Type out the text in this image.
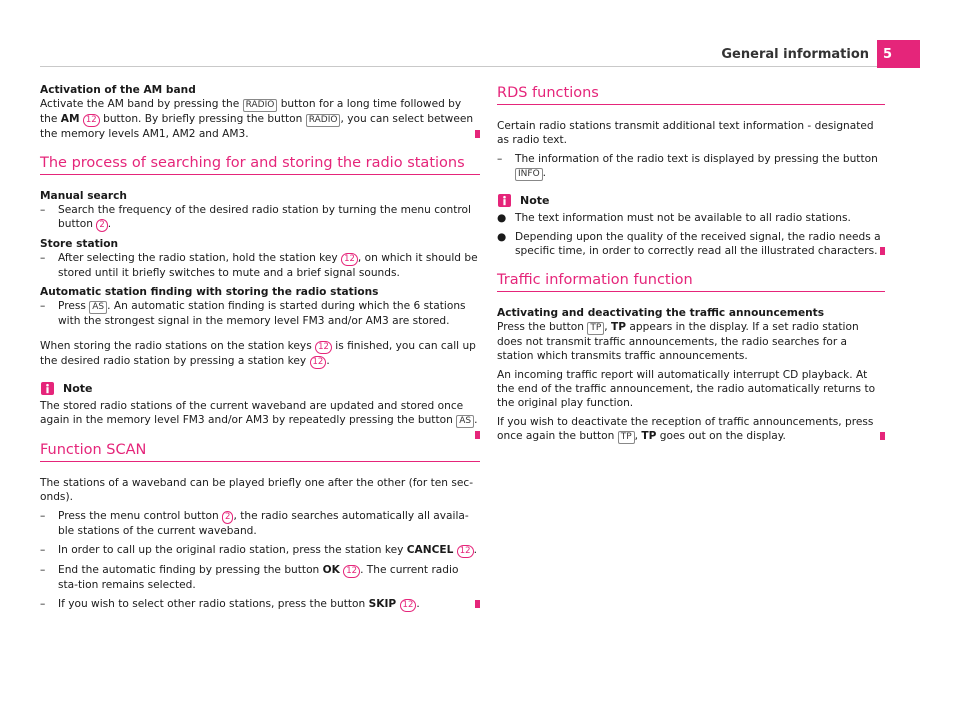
General information	5

Activation of the AM band

Activate the AM band by pressing the RADIO button for a long time followed by the AM 12 button. By briefly pressing the button RADIO , you can select between the memory levels AM1, AM2 and AM3.

The process of searching for and storing the radio stations

Manual search

–	Search the frequency of the desired radio station by turning the menu control button 2 .

Store station

–	After selecting the radio station, hold the station key 12 , on which it should be stored until it briefly switches to mute and a brief signal sounds.

Automatic station finding with storing the radio stations

–	Press AS . An automatic station finding is started during which the 6 stations with the strongest signal in the memory level FM3 and/or AM3 are stored.

When storing the radio stations on the station keys 12 is finished, you can call up the desired radio station by pressing a station key 12 .

Note

The stored radio stations of the current waveband are updated and stored once again in the memory level FM3 and/or AM3 by repeatedly pressing the button AS .

Function SCAN

The stations of a waveband can be played briefly one after the other (for ten sec-onds).

–	Press the menu control button 2 , the radio searches automatically all availa-ble stations of the current waveband.
–	In order to call up the original radio station, press the station key CANCEL 12 .
–	End the automatic finding by pressing the button OK 12 . The current radio sta-tion remains selected.
–	If you wish to select other radio stations, press the button SKIP 12 .
RDS functions

Certain radio stations transmit additional text information - designated as radio text.

–	The information of the radio text is displayed by pressing the button INFO .
Note
● The text information must not be available to all radio stations.
● Depending upon the quality of the received signal, the radio needs a specific time, in order to correctly read all the illustrated characters.
Traffic information function

Activating and deactivating the traffic announcements

Press the button TP , TP appears in the display. If a set radio station does not transmit traffic announcements, the radio searches for a station which transmits traffic announcements.

An incoming traffic report will automatically interrupt CD playback. At the end of the traffic announcement, the radio automatically returns to the original play function.

If you wish to deactivate the reception of traffic announcements, press once again the button TP , TP goes out on the display.
